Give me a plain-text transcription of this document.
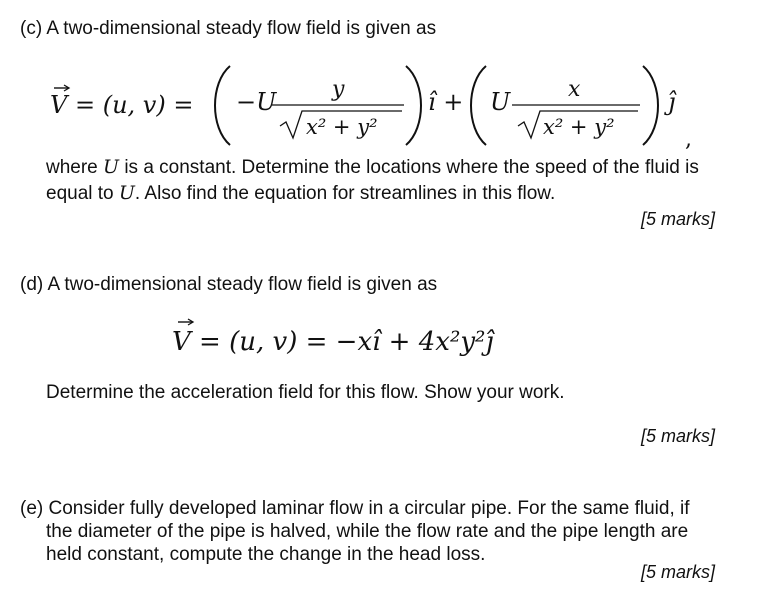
(c) A two-dimensional steady flow field is given as
V = (u, v) = −U	y
x² + y²
î + U	x
x² + y²
ĵ
,
where U is a constant. Determine the locations where the speed of the fluid is
equal to U. Also find the equation for streamlines in this flow.
[5 marks]
(d) A two-dimensional steady flow field is given as
V = (u, v) = −xî + 4x²y²ĵ
Determine the acceleration field for this flow. Show your work.
[5 marks]
(e) Consider fully developed laminar flow in a circular pipe. For the same fluid, if
the diameter of the pipe is halved, while the flow rate and the pipe length are
held constant, compute the change in the head loss.
[5 marks]
